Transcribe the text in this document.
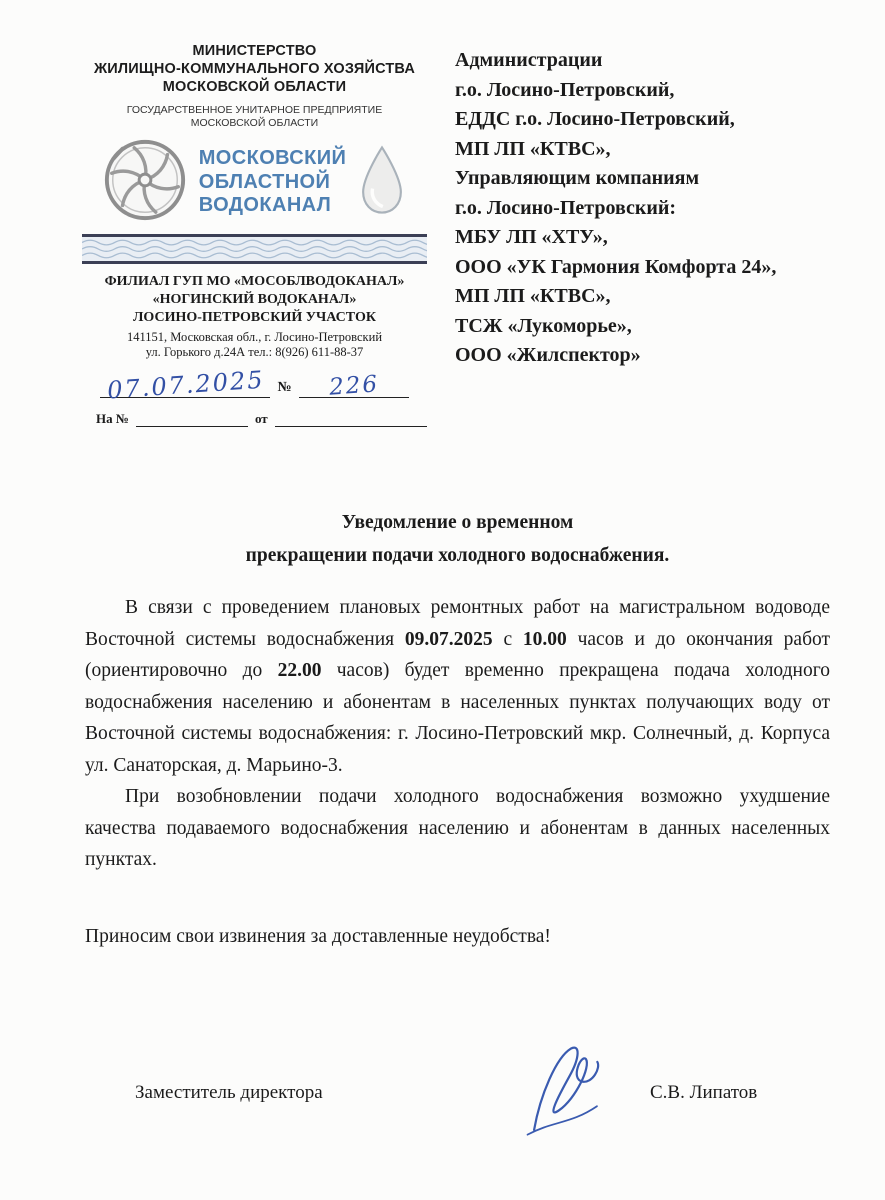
МИНИСТЕРСТВО
ЖИЛИЩНО-КОММУНАЛЬНОГО ХОЗЯЙСТВА
МОСКОВСКОЙ ОБЛАСТИ
ГОСУДАРСТВЕННОЕ УНИТАРНОЕ ПРЕДПРИЯТИЕ
МОСКОВСКОЙ ОБЛАСТИ
МОСКОВСКИЙ
ОБЛАСТНОЙ
ВОДОКАНАЛ
ФИЛИАЛ ГУП МО «МОСОБЛВОДОКАНАЛ»
«НОГИНСКИЙ ВОДОКАНАЛ»
ЛОСИНО-ПЕТРОВСКИЙ УЧАСТОК
141151, Московская обл., г. Лосино-Петровский
ул. Горького д.24А тел.: 8(926) 611-88-37
07.07.2025 №	226
На №	от
Администрации
г.о. Лосино-Петровский,
ЕДДС г.о. Лосино-Петровский,
МП ЛП «КТВС»,
Управляющим компаниям
г.о. Лосино-Петровский:
МБУ ЛП «ХТУ»,
ООО «УК Гармония Комфорта 24»,
МП ЛП «КТВС»,
ТСЖ «Лукоморье»,
ООО «Жилспектор»
Уведомление о временном
прекращении подачи холодного водоснабжения.

В связи с проведением плановых ремонтных работ на магистральном водоводе Восточной системы водоснабжения 09.07.2025 с 10.00 часов и до окончания работ (ориентировочно до 22.00 часов) будет временно прекращена подача холодного водоснабжения населению и абонентам в населенных пунктах получающих воду от Восточной системы водоснабжения: г. Лосино-Петровский мкр. Солнечный, д. Корпуса ул. Санаторская, д. Марьино-3.

При возобновлении подачи холодного водоснабжения возможно ухудшение качества подаваемого водоснабжения населению и абонентам в данных населенных пунктах.

Приносим свои извинения за доставленные неудобства!
Заместитель директора	С.В. Липатов
